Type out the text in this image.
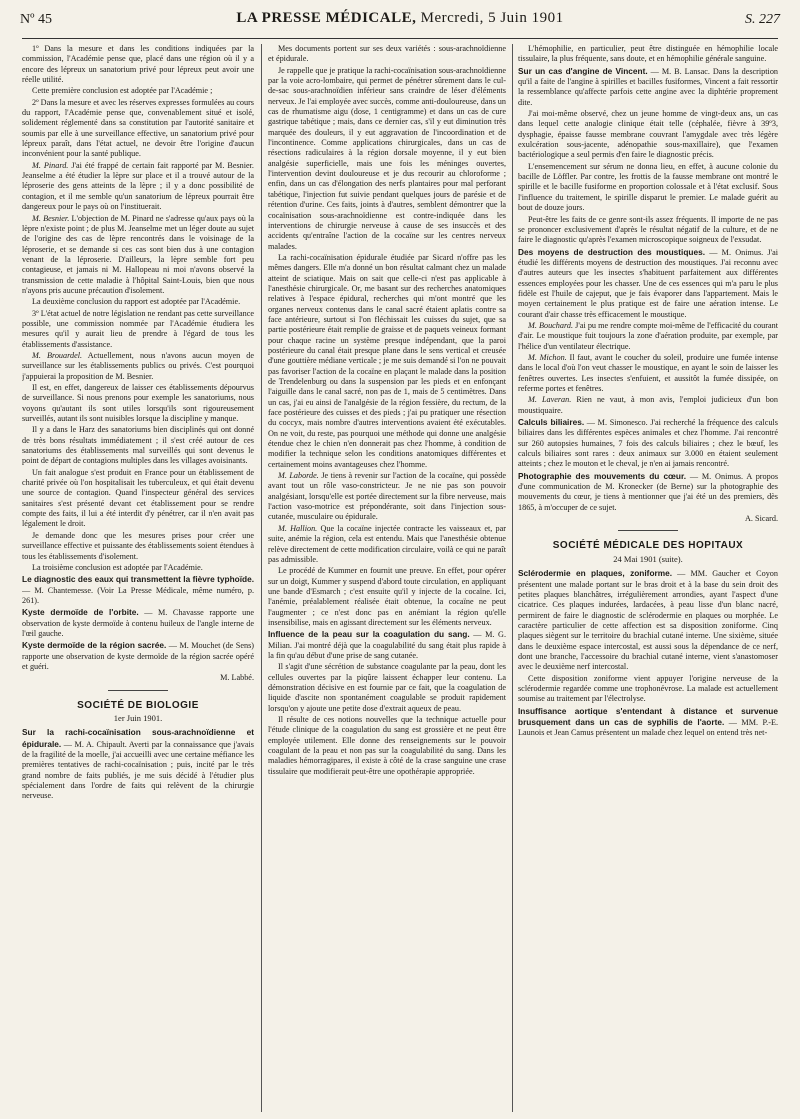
Nº 45	LA PRESSE MÉDICALE, Mercredi, 5 Juin 1901	S. 227

1º Dans la mesure et dans les conditions indiquées par la commission, l'Académie pense que, placé dans une région où il y a encore des lépreux un sanatorium privé pour lépreux peut avoir une réelle utilité.

Cette première conclusion est adoptée par l'Académie ;

2º Dans la mesure et avec les réserves expresses formulées au cours du rapport, l'Académie pense que, convenablement situé et isolé, solidement réglementé dans sa constitution par l'autorité sanitaire et soumis par elle à une surveillance effective, un sanatorium privé pour lépreux paraît, dans l'état actuel, ne devoir être l'origine d'aucun inconvénient pour la santé publique.

M. Pinard. J'ai été frappé de certain fait rapporté par M. Besnier. Jeanselme a été étudier la lèpre sur place et il a trouvé autour de la léproserie des gens atteints de la lèpre ; il y a donc possibilité de contagion, et il me semble qu'un sanatorium de lépreux pourrait être dangereux pour le pays où on l'instituerait.

M. Besnier. L'objection de M. Pinard ne s'adresse qu'aux pays où la lèpre n'existe point ; de plus M. Jeanselme met un léger doute au sujet de l'origine des cas de lèpre rencontrés dans le voisinage de la léproserie, et se demande si ces cas sont bien dus à une contagion venant de la léproserie. D'ailleurs, la lèpre semble fort peu contagieuse, et jamais ni M. Hallopeau ni moi n'avons observé la transmission de cette maladie à l'hôpital Saint-Louis, bien que nous n'ayons pris aucune précaution d'isolement.

La deuxième conclusion du rapport est adoptée par l'Académie.

3º L'état actuel de notre législation ne rendant pas cette surveillance possible, une commission nommée par l'Académie étudiera les mesures qu'il y aurait lieu de prendre à l'égard de tous les établissements d'assistance.

M. Brouardel. Actuellement, nous n'avons aucun moyen de surveillance sur les établissements publics ou privés. C'est pourquoi j'appuierai la proposition de M. Besnier.

Il est, en effet, dangereux de laisser ces établissements dépourvus de surveillance. Si nous prenons pour exemple les sanatoriums, nous voyons qu'autant ils sont utiles lorsqu'ils sont rigoureusement surveillés, autant ils sont nuisibles lorsque la discipline y manque.

Il y a dans le Harz des sanatoriums bien disciplinés qui ont donné de très bons résultats immédiatement ; il s'est créé autour de ces sanatoriums des établissements mal surveillés qui sont devenus le point de départ de contagions multiples dans les villages avoisinants.

Un fait analogue s'est produit en France pour un établissement de charité privée où l'on hospitalisait les tuberculeux, et qui était devenu une source de contagion. Quand l'inspecteur général des services sanitaires s'est présenté devant cet établissement pour se rendre compte des faits, il lui a été interdit d'y pénétrer, car il n'en avait pas légalement le droit.

Je demande donc que les mesures prises pour créer une surveillance effective et puissante des établissements soient étendues à tous les établissements d'isolement.

La troisième conclusion est adoptée par l'Académie.

Le diagnostic des eaux qui transmettent la fièvre typhoïde. — M. Chantemesse. (Voir La Presse Médicale, même numéro, p. 261).

Kyste dermoïde de l'orbite. — M. Chavasse rapporte une observation de kyste dermoïde à contenu huileux de l'angle interne de l'œil gauche.

Kyste dermoïde de la région sacrée. — M. Mouchet (de Sens) rapporte une observation de kyste dermoïde de la région sacrée opéré et guéri.

M. Labbé.

SOCIÉTÉ DE BIOLOGIE
1er Juin 1901.

Sur la rachi-cocaïnisation sous-arachnoïdienne et épidurale. — M. A. Chipault. Averti par la connaissance que j'avais de la fragilité de la moelle, j'ai accueilli avec une certaine méfiance les premières tentatives de rachi-cocaïnisation ; puis, incité par le très grand nombre de faits publiés, je me suis décidé à l'étudier plus spécialement dans l'ordre de faits qui relèvent de la chirurgie nerveuse.

Mes documents portent sur ses deux variétés : sous-arachnoïdienne et épidurale.

Je rappelle que je pratique la rachi-cocaïnisation sous-arachnoïdienne par la voie acro-lombaire, qui permet de pénétrer sûrement dans le cul-de-sac sous-arachnoïdien inférieur sans craindre de léser d'éléments nerveux. Je l'ai employée avec succès, comme anti-douloureuse, dans un cas de rhumatisme aigu (dose, 1 centigramme) et dans un cas de cure gastrique tabétique ; mais, dans ce dernier cas, s'il y eut diminution très marquée des douleurs, il y eut aggravation de l'incoordination et de l'incontinence. Comme applications chirurgicales, dans un cas de résections radiculaires à la région dorsale moyenne, il y eut bien analgésie superficielle, mais une fois les méninges ouvertes, l'intervention devint douloureuse et je dus recourir au chloroforme ; enfin, dans un cas d'élongation des nerfs plantaires pour mal perforant tabétique, l'injection fut suivie pendant quelques jours de parésie et de rétention d'urine. Ces faits, joints à d'autres, semblent démontrer que la cocaïnisation sous-arachnoïdienne est contre-indiquée dans les interventions de chirurgie nerveuse à cause de ses insuccès et des accidents qu'entraîne l'action de la cocaïne sur les centres nerveux malades.

La rachi-cocaïnisation épidurale étudiée par Sicard n'offre pas les mêmes dangers. Elle m'a donné un bon résultat calmant chez un malade atteint de sciatique. Mais on sait que celle-ci n'est pas applicable à l'anesthésie chirurgicale. Or, me basant sur des recherches anatomiques relatives à l'espace épidural, recherches qui m'ont montré que les organes nerveux contenus dans le canal sacré étaient aplatis contre sa face antérieure, surtout si l'on fléchissait les cuisses du sujet, que sa partie postérieure était remplie de graisse et de paquets veineux formant pour chaque racine un système presque indépendant, que la paroi postérieure du canal était presque plane dans le sens vertical et creusée d'une gouttière médiane verticale ; je me suis demandé si l'on ne pouvait pas favoriser l'action de la cocaïne en plaçant le malade dans la position de Trendelenburg ou dans la suspension par les pieds et en enfonçant l'aiguille dans le canal sacré, non pas de 1, mais de 5 centimètres. Dans un cas, j'ai eu ainsi de l'analgésie de la région fessière, du rectum, de la face postérieure des cuisses et des pieds ; j'ai pu pratiquer une résection du coccyx, mais nombre d'autres interventions avaient été exécutables. On ne voit, du reste, pas pourquoi une méthode qui donne une analgésie étendue chez le chien n'en donnerait pas chez l'homme, à condition de modifier la technique selon les conditions anatomiques différentes et certainement moins avantageuses chez l'homme.

M. Laborde. Je tiens à revenir sur l'action de la cocaïne, qui possède avant tout un rôle vaso-constricteur. Je ne nie pas son pouvoir analgésiant, lorsqu'elle est portée directement sur la fibre nerveuse, mais l'action vaso-motrice est prépondérante, soit dans l'injection sous-cutanée, musculaire ou épidurale.

M. Hallion. Que la cocaïne injectée contracte les vaisseaux et, par suite, anémie la région, cela est entendu. Mais que l'anesthésie obtenue relève directement de cette modification circulaire, voilà ce qui ne paraît pas admissible.

Le procédé de Kummer en fournit une preuve. En effet, pour opérer sur un doigt, Kummer y suspend d'abord toute circulation, en appliquant une bande d'Esmarch ; c'est ensuite qu'il y injecte de la cocaïne. Ici, l'anémie, préalablement réalisée était obtenue, la cocaïne ne peut l'augmenter ; ce n'est donc pas en anémiant la région qu'elle insensibilise, mais en agissant directement sur les éléments nerveux.

Influence de la peau sur la coagulation du sang. — M. G. Milian. J'ai montré déjà que la coagulabilité du sang était plus rapide à la fin qu'au début d'une prise de sang cutanée.

Il s'agit d'une sécrétion de substance coagulante par la peau, dont les cellules ouvertes par la piqûre laissent échapper leur contenu. La démonstration décisive en est fournie par ce fait, que la coagulation de liquide d'ascite non spontanément coagulable se produit rapidement lorsqu'on y ajoute une petite dose d'extrait aqueux de peau.

Il résulte de ces notions nouvelles que la technique actuelle pour l'étude clinique de la coagulation du sang est grossière et ne peut être employée utilement. Elle donne des renseignements sur le pouvoir coagulant de la peau et non pas sur la coagulabilité du sang. Dans les maladies hémorragipares, il existe à côté de la crase sanguine une crase tissulaire que modifierait peut-être une opothérapie appropriée.

L'hémophilie, en particulier, peut être distinguée en hémophilie locale tissulaire, la plus fréquente, sans doute, et en hémophilie générale sanguine.

Sur un cas d'angine de Vincent. — M. B. Lansac. Dans la description qu'il a faite de l'angine à spirilles et bacilles fusiformes, Vincent a fait ressortir la ressemblance qu'affecte parfois cette angine avec la diphtérie proprement dite.

J'ai moi-même observé, chez un jeune homme de vingt-deux ans, un cas dans lequel cette analogie clinique était telle (céphalée, fièvre à 39º3, dysphagie, épaisse fausse membrane couvrant l'amygdale avec très légère exulcération sous-jacente, adénopathie sous-maxillaire), que l'examen bactériologique a seul permis d'en faire le diagnostic précis.

L'ensemencement sur sérum ne donna lieu, en effet, à aucune colonie du bacille de Löffler. Par contre, les frottis de la fausse membrane ont montré le spirille et le bacille fusiforme en proportion colossale et à l'état exclusif. Sous l'influence du traitement, le spirille disparut le premier. Le malade guérit au bout de douze jours.

Peut-être les faits de ce genre sont-ils assez fréquents. Il importe de ne pas se prononcer exclusivement d'après le résultat négatif de la culture, et de ne faire le diagnostic qu'après l'examen microscopique soigneux de l'exsudat.

Des moyens de destruction des moustiques. — M. Onimus. J'ai étudié les différents moyens de destruction des moustiques. J'ai reconnu avec d'autres auteurs que les insectes s'habituent parfaitement aux différentes essences employées pour les chasser. Une de ces essences qui m'a paru le plus fidèle est l'huile de cajeput, que je fais évaporer dans l'appartement. Mais le moyen certainement le plus pratique est de faire une aération intense. Le courant d'air chasse très efficacement le moustique.

M. Bouchard. J'ai pu me rendre compte moi-même de l'efficacité du courant d'air. Le moustique fuit toujours la zone d'aération produite, par exemple, par l'hélice d'un ventilateur électrique.

M. Michon. Il faut, avant le coucher du soleil, produire une fumée intense dans le local d'où l'on veut chasser le moustique, en ayant le soin de laisser les fenêtres ouvertes. Les insectes s'enfuient, et aussitôt la fumée dissipée, on referme portes et fenêtres.

M. Laveran. Rien ne vaut, à mon avis, l'emploi judicieux d'un bon moustiquaire.

Calculs biliaires. — M. Simonesco. J'ai recherché la fréquence des calculs biliaires dans les différentes espèces animales et chez l'homme. J'ai rencontré sur 260 autopsies humaines, 7 fois des calculs biliaires ; chez le bœuf, les calculs biliaires sont rares : deux animaux sur 3.000 en étaient seulement atteints ; chez le mouton et le cheval, je n'en ai jamais rencontré.

Photographie des mouvements du cœur. — M. Onimus. A propos d'une communication de M. Kronecker (de Berne) sur la photographie des mouvements du cœur, je tiens à mentionner que j'ai été un des premiers, dès 1865, à m'occuper de ce sujet.

A. Sicard.

SOCIÉTÉ MÉDICALE DES HOPITAUX
24 Mai 1901 (suite).

Sclérodermie en plaques, zoniforme. — MM. Gaucher et Coyon présentent une malade portant sur le bras droit et à la base du sein droit des petites plaques blanchâtres, irrégulièrement arrondies, ayant l'aspect d'une cicatrice. Ces plaques indurées, lardacées, à peau lisse d'un blanc nacré, permirent de faire le diagnostic de sclérodermie en plaques ou morphée. Le caractère particulier de cette affection est sa disposition zoniforme. Cinq plaques siègent sur le territoire du brachial cutané interne. Une sixième, située dans le deuxième espace intercostal, est aussi sous la dépendance de ce nerf, dont une branche, l'accessoire du brachial cutané interne, vient s'anastomoser avec le deuxième nerf intercostal.

Cette disposition zoniforme vient appuyer l'origine nerveuse de la sclérodermie regardée comme une trophonévrose. La malade est actuellement soumise au traitement par l'électrolyse.

Insuffisance aortique s'entendant à distance et survenue brusquement dans un cas de syphilis de l'aorte. — MM. P.-E. Launois et Jean Camus présentent un malade chez lequel on entend très net-
